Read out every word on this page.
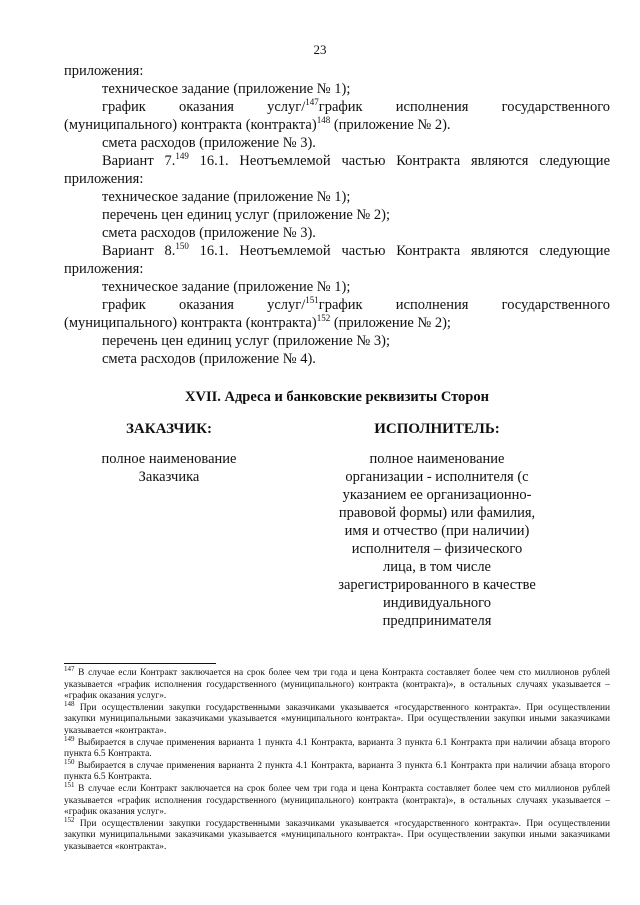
23

приложения:

техническое задание (приложение № 1);

график оказания услуг/$^{147}$график исполнения государственного

(муниципального) контракта (контракта)$^{148}$ (приложение № 2).

смета расходов (приложение № 3).

Вариант 7.$^{149}$ 16.1. Неотъемлемой частью Контракта являются следующие

приложения:

техническое задание (приложение № 1);

перечень цен единиц услуг (приложение № 2);

смета расходов (приложение № 3).

Вариант 8.$^{150}$ 16.1. Неотъемлемой частью Контракта являются следующие

приложения:

техническое задание (приложение № 1);

график оказания услуг/$^{151}$график исполнения государственного

(муниципального) контракта (контракта)$^{152}$ (приложение № 2);

перечень цен единиц услуг (приложение № 3);

смета расходов (приложение № 4).

XVII. Адреса и банковские реквизиты Сторон

ЗАКАЗЧИК:

полное наименование

Заказчика

ИСПОЛНИТЕЛЬ:

полное наименование

организации - исполнителя (с

указанием ее организационно-

правовой формы) или фамилия,

имя и отчество (при наличии)

исполнителя – физического

лица, в том числе

зарегистрированного в качестве

индивидуального

предпринимателя

$^{147}$ В случае если Контракт заключается на срок более чем три года и цена Контракта составляет более чем сто миллионов рублей указывается «график исполнения государственного (муниципального) контракта (контракта)», в остальных случаях указывается – «график оказания услуг».

$^{148}$ При осуществлении закупки государственными заказчиками указывается «государственного контракта». При осуществлении закупки муниципальными заказчиками указывается «муниципального контракта». При осуществлении закупки иными заказчиками указывается «контракта».

$^{149}$ Выбирается в случае применения варианта 1 пункта 4.1 Контракта, варианта 3 пункта 6.1 Контракта при наличии абзаца второго пункта 6.5 Контракта.

$^{150}$ Выбирается в случае применения варианта 2 пункта 4.1 Контракта, варианта 3 пункта 6.1 Контракта при наличии абзаца второго пункта 6.5 Контракта.

$^{151}$ В случае если Контракт заключается на срок более чем три года и цена Контракта составляет более чем сто миллионов рублей указывается «график исполнения государственного (муниципального) контракта (контракта)», в остальных случаях указывается – «график оказания услуг».

$^{152}$ При осуществлении закупки государственными заказчиками указывается «государственного контракта». При осуществлении закупки муниципальными заказчиками указывается «муниципального контракта». При осуществлении закупки иными заказчиками указывается «контракта».
